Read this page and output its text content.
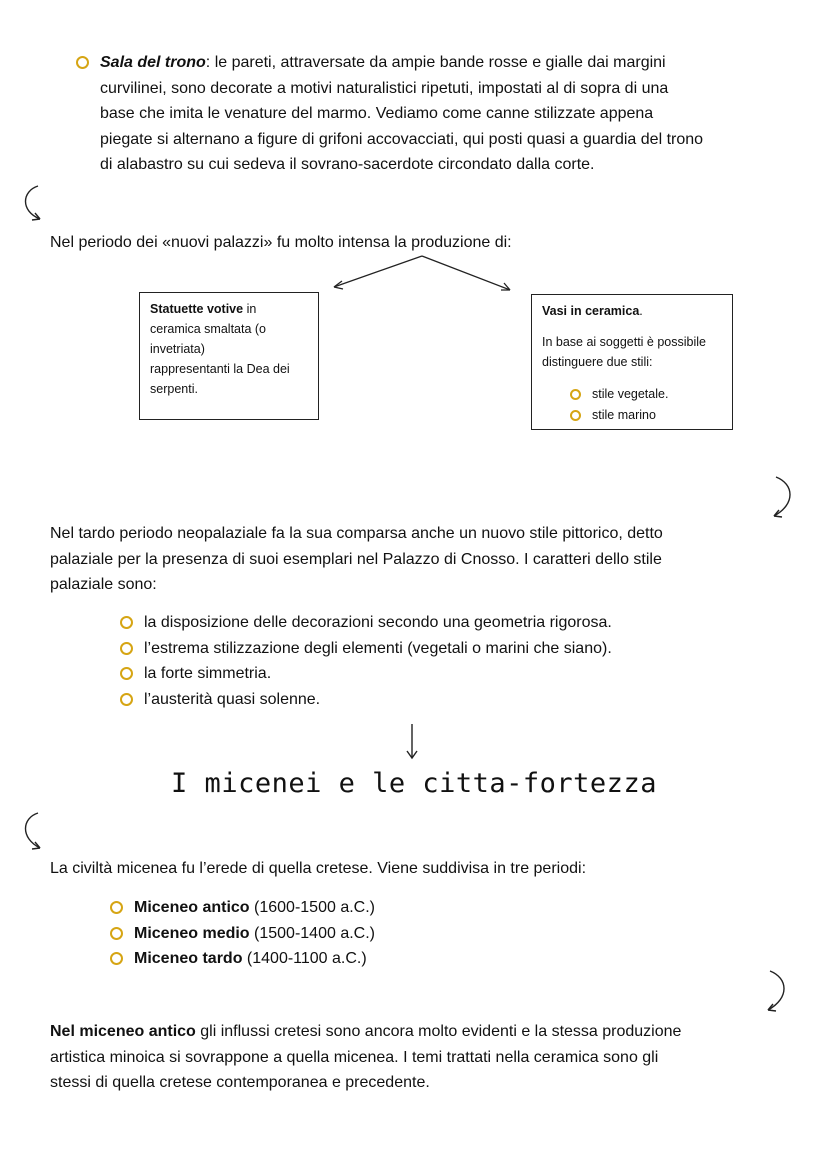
Sala del trono: le pareti, attraversate da ampie bande rosse e gialle dai margini
curvilinei, sono decorate a motivi naturalistici ripetuti, impostati al di sopra di una
base che imita le venature del marmo. Vediamo come canne stilizzate appena
piegate si alternano a figure di grifoni accovacciati, qui posti quasi a guardia del trono
di alabastro su cui sedeva il sovrano-sacerdote circondato dalla corte.
Nel periodo dei «nuovi palazzi» fu molto intensa la produzione di:
Statuette votive in
ceramica smaltata (o
invetriata)
rappresentanti la Dea dei
serpenti.
Vasi in ceramica.
In base ai soggetti è possibile
distinguere due stili:
stile vegetale.
stile marino
Nel tardo periodo neopalaziale fa la sua comparsa anche un nuovo stile pittorico, detto
palaziale per la presenza di suoi esemplari nel Palazzo di Cnosso. I caratteri dello stile
palaziale sono:
la disposizione delle decorazioni secondo una geometria rigorosa.
l’estrema stilizzazione degli elementi (vegetali o marini che siano).
la forte simmetria.
l’austerità quasi solenne.
I micenei e le citta-fortezza
La civiltà micenea fu l’erede di quella cretese. Viene suddivisa in tre periodi:
Miceneo antico (1600-1500 a.C.)
Miceneo medio (1500-1400 a.C.)
Miceneo tardo (1400-1100 a.C.)
Nel miceneo antico gli influssi cretesi sono ancora molto evidenti e la stessa produzione
artistica minoica si sovrappone a quella micenea. I temi trattati nella ceramica sono gli
stessi di quella cretese contemporanea e precedente.
